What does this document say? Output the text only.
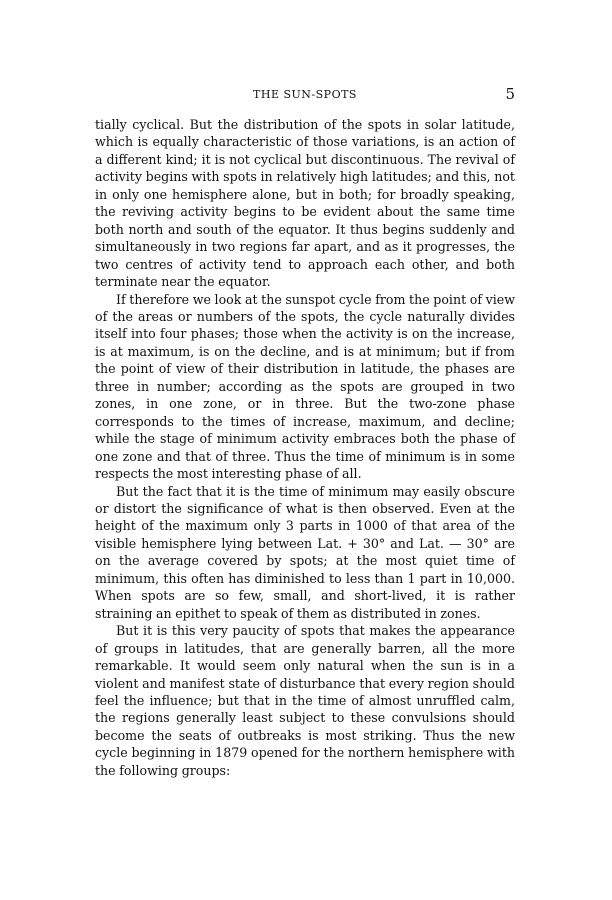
THE SUN-SPOTS	5

tially cyclical. But the distribution of the spots in solar latitude, which is equally characteristic of those variations, is an action of a different kind; it is not cyclical but discontinuous. The revival of activity begins with spots in relatively high latitudes; and this, not in only one hemisphere alone, but in both; for broadly speaking, the reviving activity begins to be evident about the same time both north and south of the equator. It thus begins suddenly and simultaneously in two regions far apart, and as it progresses, the two centres of activity tend to approach each other, and both terminate near the equator.

If therefore we look at the sunspot cycle from the point of view of the areas or numbers of the spots, the cycle naturally divides itself into four phases; those when the activity is on the increase, is at maximum, is on the decline, and is at minimum; but if from the point of view of their distribution in latitude, the phases are three in number; according as the spots are grouped in two zones, in one zone, or in three. But the two-zone phase corresponds to the times of increase, maximum, and decline; while the stage of minimum activity embraces both the phase of one zone and that of three. Thus the time of minimum is in some respects the most interesting phase of all.

But the fact that it is the time of minimum may easily obscure or distort the significance of what is then observed. Even at the height of the maximum only 3 parts in 1000 of that area of the visible hemisphere lying between Lat. + 30° and Lat. — 30° are on the average covered by spots; at the most quiet time of minimum, this often has diminished to less than 1 part in 10,000. When spots are so few, small, and short-lived, it is rather straining an epithet to speak of them as distributed in zones.

But it is this very paucity of spots that makes the appearance of groups in latitudes, that are generally barren, all the more remarkable. It would seem only natural when the sun is in a violent and manifest state of disturbance that every region should feel the influence; but that in the time of almost unruffled calm, the regions generally least subject to these convulsions should become the seats of outbreaks is most striking. Thus the new cycle beginning in 1879 opened for the northern hemisphere with the following groups:
